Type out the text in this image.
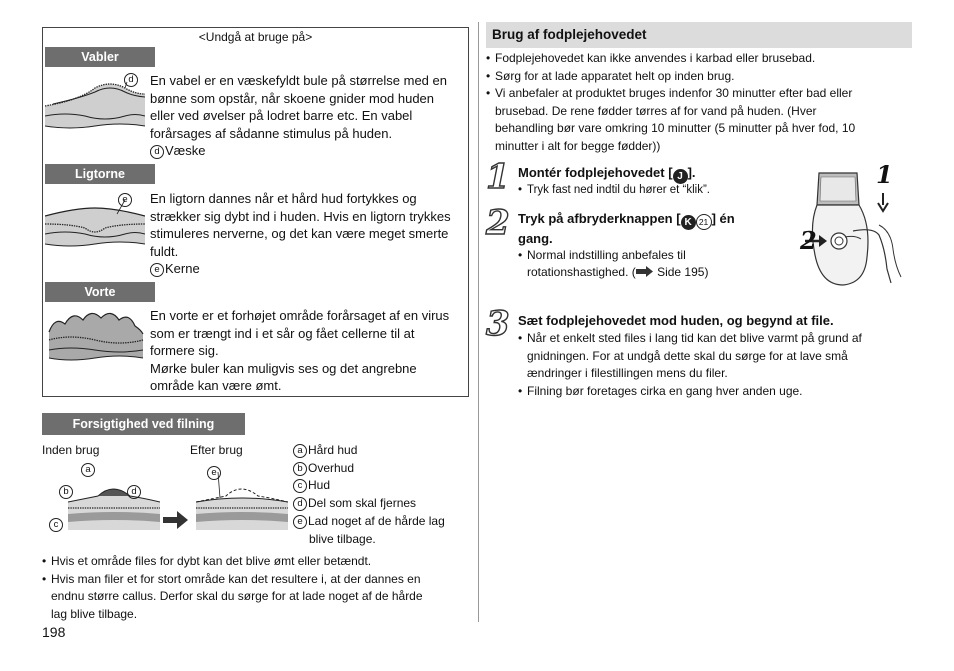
<Undgå at bruge på>
Vabler
d	En vabel er en væskefyldt bule på størrelse med en
bønne som opstår, når skoene gnider mod huden
eller ved øvelser på lodret barre etc. En vabel
forårsages af sådanne stimulus på huden.
d Væske
Ligtorne
e	En ligtorn dannes når et hård hud fortykkes og
strækker sig dybt ind i huden. Hvis en ligtorn trykkes
stimuleres nerverne, og det kan være meget smerte
fuldt.
e Kerne
Vorte
En vorte er et forhøjet område forårsaget af en virus
som er trængt ind i et sår og fået cellerne til at
formere sig.
Mørke buler kan muligvis ses og det angrebne
område kan være ømt.
Forsigtighed ved filning
Inden brug	Efter brug
a
b	d
c
e
a Hård hud
b Overhud
c Hud
d Del som skal fjernes
e Lad noget af de hårde lag
blive tilbage.
• Hvis et område files for dybt kan det blive ømt eller betændt.
• Hvis man filer et for stort område kan det resultere i, at der dannes en
endnu større callus. Derfor skal du sørge for at lade noget af de hårde
lag blive tilbage.
198
Brug af fodplejehovedet
• Fodplejehovedet kan ikke anvendes i karbad eller brusebad.
• Sørg for at lade apparatet helt op inden brug.
• Vi anbefaler at produktet bruges indenfor 30 minutter efter bad eller
brusebad. De rene fødder tørres af for vand på huden. (Hver
behandling bør vare omkring 10 minutter (5 minutter på hver fod, 10
minutter i alt for begge fødder))
1 Montér fodplejehovedet [ J ].
• Tryk fast ned indtil du hører et “klik”.
2 Tryk på afbryderknappen [ K 21 ] én
gang.
• Normal indstilling anbefales til
rotationshastighed. ( Side 195)
1
2
3 Sæt fodplejehovedet mod huden, og begynd at file.
• Når et enkelt sted files i lang tid kan det blive varmt på grund af
gnidningen. For at undgå dette skal du sørge for at lave små
ændringer i filestillingen mens du filer.
• Filning bør foretages cirka en gang hver anden uge.
